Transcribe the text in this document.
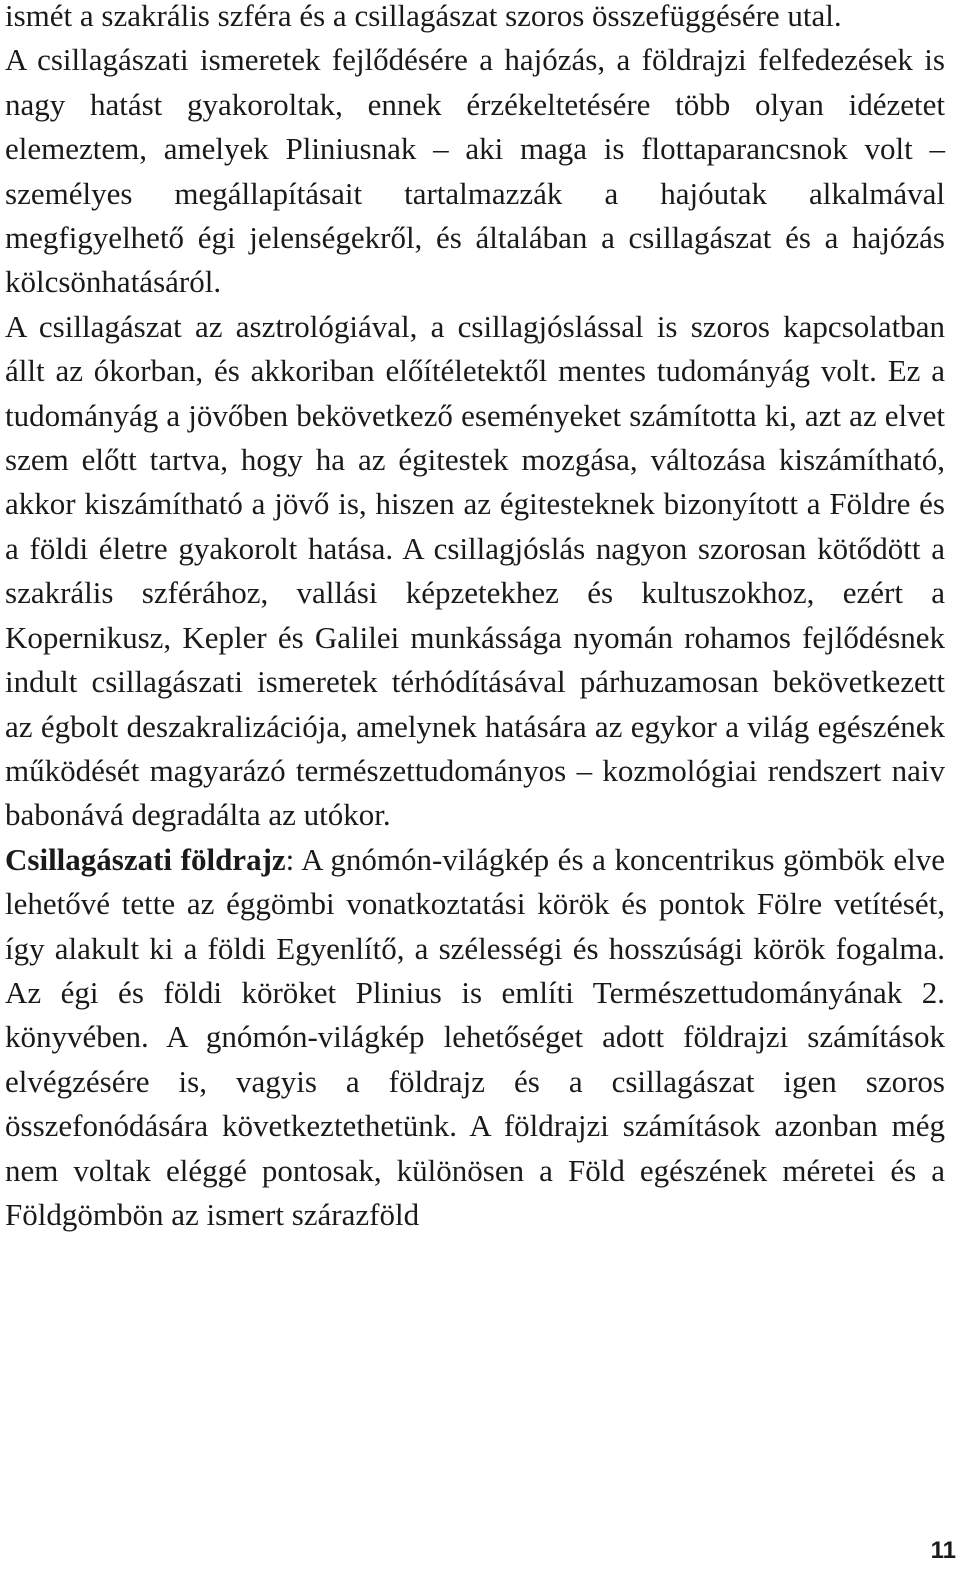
ismét a szakrális szféra és a csillagászat szoros összefüggésére utal.

A csillagászati ismeretek fejlődésére a hajózás, a földrajzi felfedezések is nagy hatást gyakoroltak, ennek érzékeltetésére több olyan idézetet elemeztem, amelyek Pliniusnak – aki maga is flottaparancsnok volt – személyes megállapításait tartalmazzák a hajóutak alkalmával megfigyelhető égi jelenségekről, és általában a csillagászat és a hajózás kölcsönhatásáról.

A csillagászat az asztrológiával, a csillagjóslással is szoros kapcsolatban állt az ókorban, és akkoriban előítéletektől mentes tudományág volt. Ez a tudományág a jövőben bekövetkező eseményeket számította ki, azt az elvet szem előtt tartva, hogy ha az égitestek mozgása, változása kiszámítható, akkor kiszámítható a jövő is, hiszen az égitesteknek bizonyított a Földre és a földi életre gyakorolt hatása. A csillagjóslás nagyon szorosan kötődött a szakrális szférához, vallási képzetekhez és kultuszokhoz, ezért a Kopernikusz, Kepler és Galilei munkássága nyomán rohamos fejlődésnek indult csillagászati ismeretek térhódításával párhuzamosan bekövetkezett az égbolt deszakralizációja, amelynek hatására az egykor a világ egészének működését magyarázó természettudományos – kozmológiai rendszert naiv babonává degradálta az utókor.

Csillagászati földrajz: A gnómón-világkép és a koncentrikus gömbök elve lehetővé tette az éggömbi vonatkoztatási körök és pontok Fölre vetítését, így alakult ki a földi Egyenlítő, a szélességi és hosszúsági körök fogalma. Az égi és földi köröket Plinius is említi Természettudományának 2. könyvében. A gnómón-világkép lehetőséget adott földrajzi számítások elvégzésére is, vagyis a földrajz és a csillagászat igen szoros összefonódására következtethetünk. A földrajzi számítások azonban még nem voltak eléggé pontosak, különösen a Föld egészének méretei és a Földgömbön az ismert szárazföld

11
